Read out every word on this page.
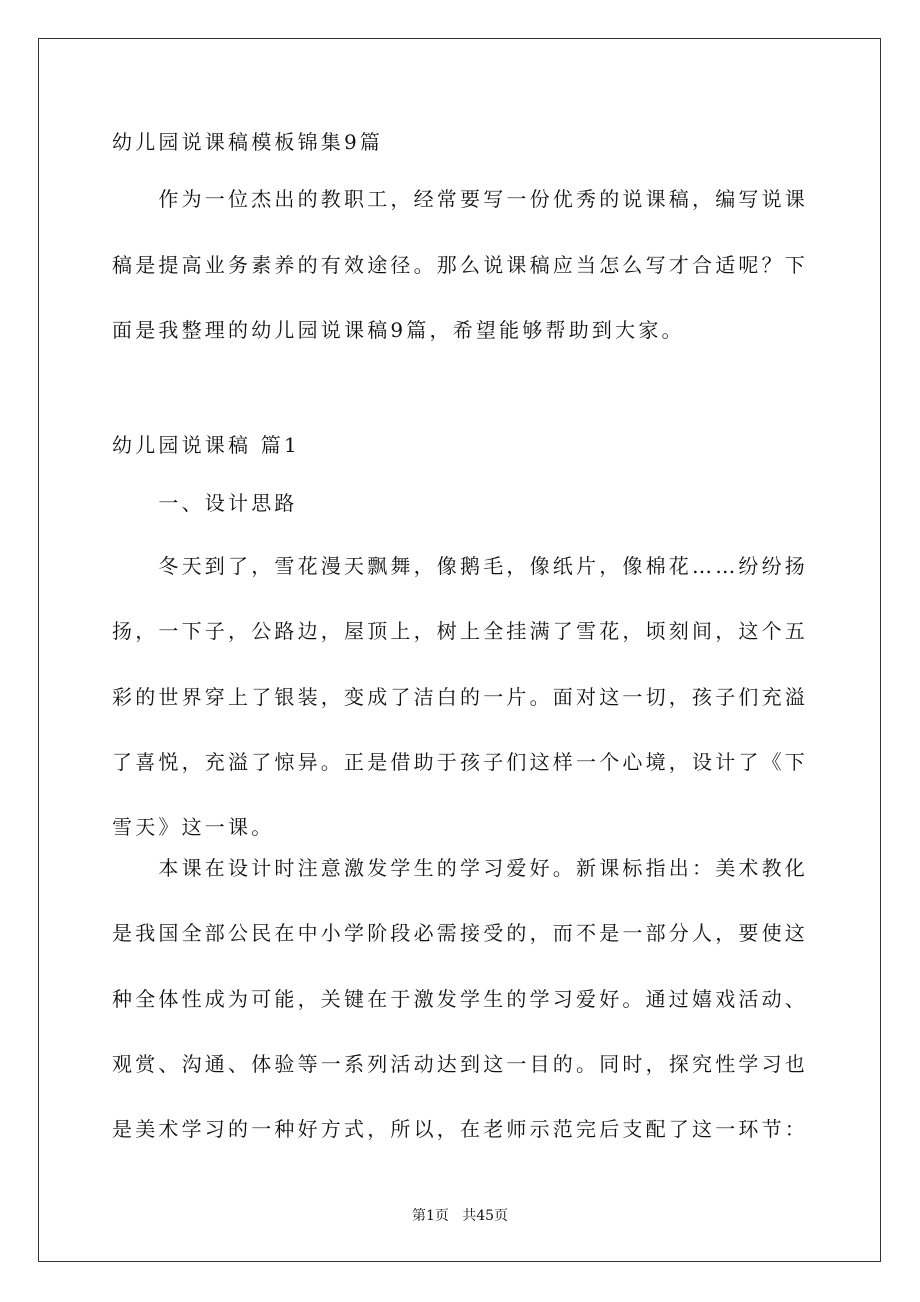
幼儿园说课稿模板锦集9篇
　　作为一位杰出的教职工，经常要写一份优秀的说课稿，编写说课
稿是提高业务素养的有效途径。那么说课稿应当怎么写才合适呢？下
面是我整理的幼儿园说课稿9篇，希望能够帮助到大家。
幼儿园说课稿 篇1
　　一、设计思路
　　冬天到了，雪花漫天飘舞，像鹅毛，像纸片，像棉花……纷纷扬
扬，一下子，公路边，屋顶上，树上全挂满了雪花，顷刻间，这个五
彩的世界穿上了银装，变成了洁白的一片。面对这一切，孩子们充溢
了喜悦，充溢了惊异。正是借助于孩子们这样一个心境，设计了《下
雪天》这一课。
　　本课在设计时注意激发学生的学习爱好。新课标指出：美术教化
是我国全部公民在中小学阶段必需接受的，而不是一部分人，要使这
种全体性成为可能，关键在于激发学生的学习爱好。通过嬉戏活动、
观赏、沟通、体验等一系列活动达到这一目的。同时，探究性学习也
是美术学习的一种好方式，所以，在老师示范完后支配了这一环节：
第1页   共45页
